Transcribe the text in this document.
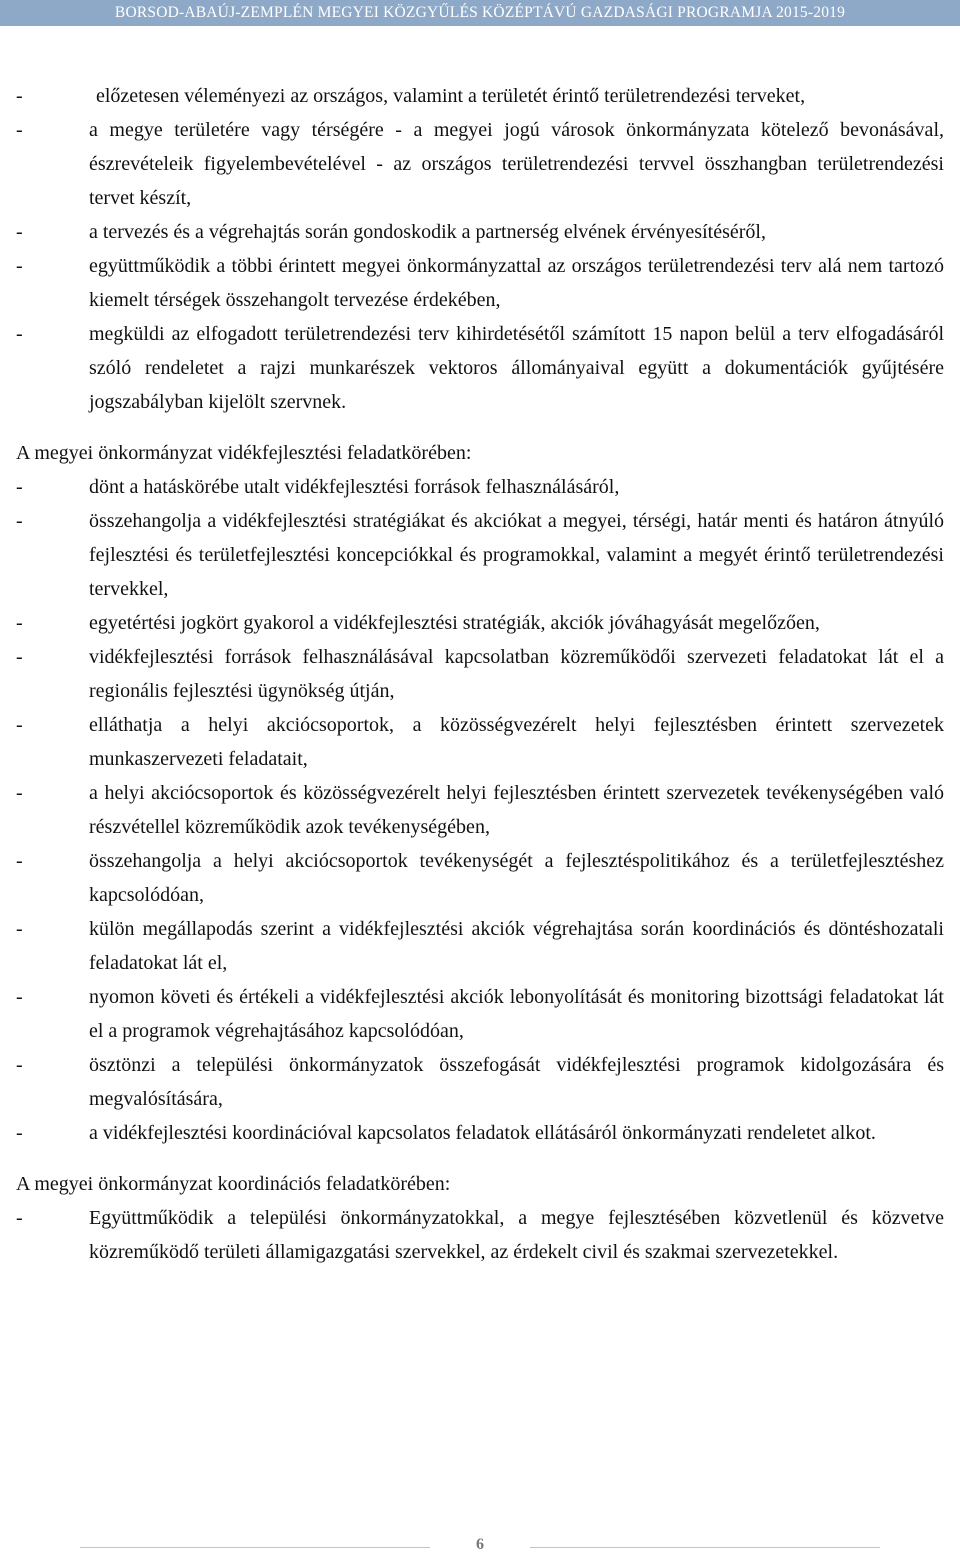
BORSOD-ABAÚJ-ZEMPLÉN MEGYEI KÖZGYŰLÉS KÖZÉPTÁVÚ GAZDASÁGI PROGRAMJA 2015-2019
-	előzetesen véleményezi az országos, valamint a területét érintő területrendezési terveket,
-	a megye területére vagy térségére - a megyei jogú városok önkormányzata kötelező bevonásával, észrevételeik figyelembevételével - az országos területrendezési tervvel összhangban területrendezési tervet készít,
-	a tervezés és a végrehajtás során gondoskodik a partnerség elvének érvényesítéséről,
-	együttműködik a többi érintett megyei önkormányzattal az országos területrendezési terv alá nem tartozó kiemelt térségek összehangolt tervezése érdekében,
-	megküldi az elfogadott területrendezési terv kihirdetésétől számított 15 napon belül a terv elfogadásáról szóló rendeletet a rajzi munkarészek vektoros állományaival együtt a dokumentációk gyűjtésére jogszabályban kijelölt szervnek.
A megyei önkormányzat vidékfejlesztési feladatkörében:
-	dönt a hatáskörébe utalt vidékfejlesztési források felhasználásáról,
-	összehangolja a vidékfejlesztési stratégiákat és akciókat a megyei, térségi, határ menti és határon átnyúló fejlesztési és területfejlesztési koncepciókkal és programokkal, valamint a megyét érintő területrendezési tervekkel,
-	egyetértési jogkört gyakorol a vidékfejlesztési stratégiák, akciók jóváhagyását megelőzően,
-	vidékfejlesztési források felhasználásával kapcsolatban közreműködői szervezeti feladatokat lát el a regionális fejlesztési ügynökség útján,
-	elláthatja a helyi akciócsoportok, a közösségvezérelt helyi fejlesztésben érintett szervezetek munkaszervezeti feladatait,
-	a helyi akciócsoportok és közösségvezérelt helyi fejlesztésben érintett szervezetek tevékenységében való részvétellel közreműködik azok tevékenységében,
-	összehangolja a helyi akciócsoportok tevékenységét a fejlesztéspolitikához és a területfejlesztéshez kapcsolódóan,
-	külön megállapodás szerint a vidékfejlesztési akciók végrehajtása során koordinációs és döntéshozatali feladatokat lát el,
-	nyomon követi és értékeli a vidékfejlesztési akciók lebonyolítását és monitoring bizottsági feladatokat lát el a programok végrehajtásához kapcsolódóan,
-	ösztönzi a települési önkormányzatok összefogását vidékfejlesztési programok kidolgozására és megvalósítására,
-	a vidékfejlesztési koordinációval kapcsolatos feladatok ellátásáról önkormányzati rendeletet alkot.
A megyei önkormányzat koordinációs feladatkörében:
-	Együttműködik a települési önkormányzatokkal, a megye fejlesztésében közvetlenül és közvetve közreműködő területi államigazgatási szervekkel, az érdekelt civil és szakmai szervezetekkel.
6
